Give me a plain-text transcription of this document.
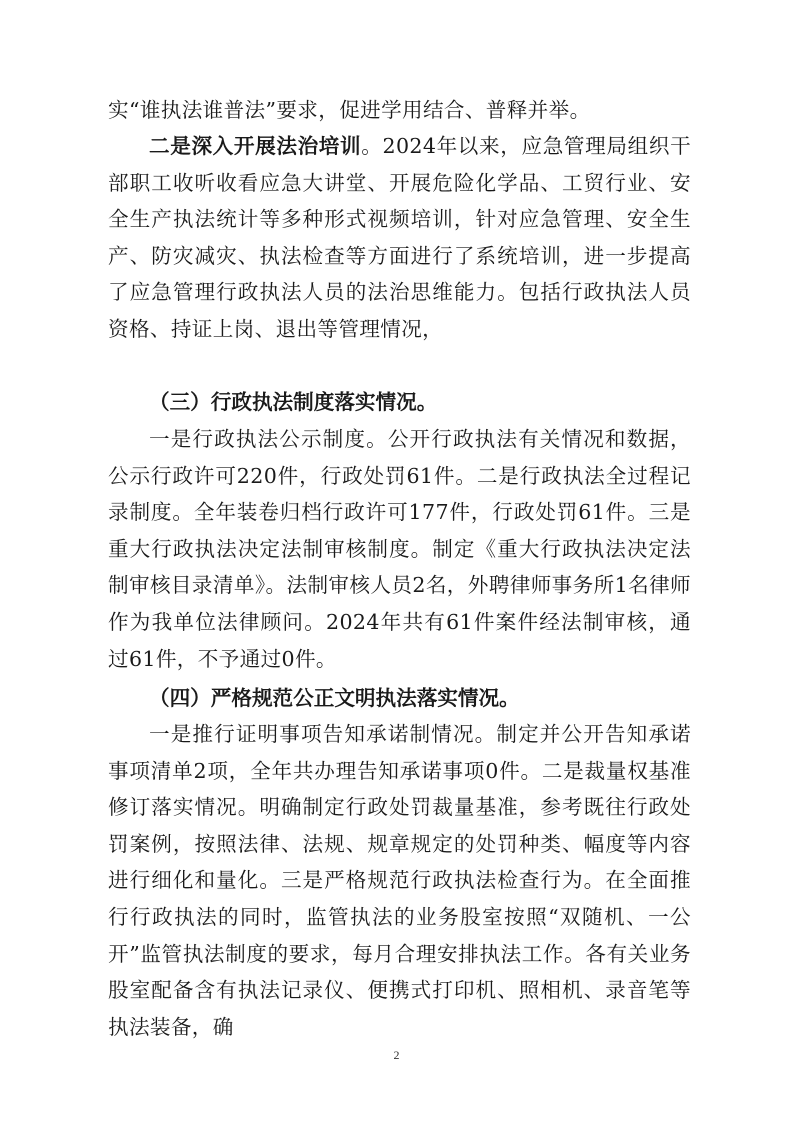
实“谁执法谁普法”要求，促进学用结合、普释并举。

二是深入开展法治培训。2024年以来，应急管理局组织干部职工收听收看应急大讲堂、开展危险化学品、工贸行业、安全生产执法统计等多种形式视频培训，针对应急管理、安全生产、防灾减灾、执法检查等方面进行了系统培训，进一步提高了应急管理行政执法人员的法治思维能力。包括行政执法人员资格、持证上岗、退出等管理情况，

（三）行政执法制度落实情况。

一是行政执法公示制度。公开行政执法有关情况和数据，公示行政许可220件，行政处罚61件。二是行政执法全过程记录制度。全年装卷归档行政许可177件，行政处罚61件。三是重大行政执法决定法制审核制度。制定《重大行政执法决定法制审核目录清单》。法制审核人员2名，外聘律师事务所1名律师作为我单位法律顾问。2024年共有61件案件经法制审核，通过61件，不予通过0件。

（四）严格规范公正文明执法落实情况。

一是推行证明事项告知承诺制情况。制定并公开告知承诺事项清单2项，全年共办理告知承诺事项0件。二是裁量权基准修订落实情况。明确制定行政处罚裁量基准，参考既往行政处罚案例，按照法律、法规、规章规定的处罚种类、幅度等内容进行细化和量化。三是严格规范行政执法检查行为。在全面推行行政执法的同时，监管执法的业务股室按照“双随机、一公开”监管执法制度的要求，每月合理安排执法工作。各有关业务股室配备含有执法记录仪、便携式打印机、照相机、录音笔等执法装备，确

2
